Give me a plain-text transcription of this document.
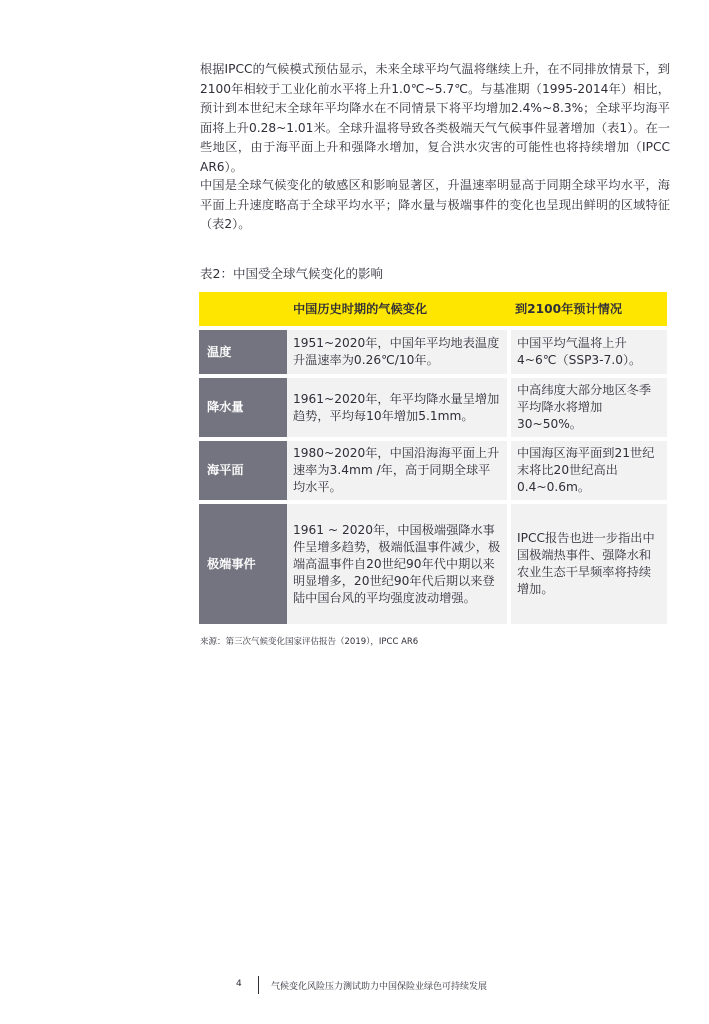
根据IPCC的气候模式预估显示，未来全球平均气温将继续上升，在不同排放情景下，到2100年相较于工业化前水平将上升1.0℃~5.7℃。与基准期（1995-2014年）相比，预计到本世纪末全球年平均降水在不同情景下将平均增加2.4%~8.3%；全球平均海平面将上升0.28~1.01米。全球升温将导致各类极端天气气候事件显著增加（表1）。在一些地区，由于海平面上升和强降水增加，复合洪水灾害的可能性也将持续增加（IPCC AR6）。

中国是全球气候变化的敏感区和影响显著区，升温速率明显高于同期全球平均水平，海平面上升速度略高于全球平均水平；降水量与极端事件的变化也呈现出鲜明的区域特征（表2）。

表2：中国受全球气候变化的影响
	中国历史时期的气候变化	到2100年预计情况
温度	1951~2020年，中国年平均地表温度升温速率为0.26℃/10年。	中国平均气温将上升4~6℃（SSP3-7.0）。
降水量	1961~2020年，年平均降水量呈增加趋势，平均每10年增加5.1mm。	中高纬度大部分地区冬季平均降水将增加30~50%。
海平面	1980~2020年，中国沿海海平面上升速率为3.4mm /年，高于同期全球平均水平。	中国海区海平面到21世纪末将比20世纪高出0.4~0.6m。
极端事件	1961 ~ 2020年，中国极端强降水事件呈增多趋势，极端低温事件减少，极端高温事件自20世纪90年代中期以来明显增多，20世纪90年代后期以来登陆中国台风的平均强度波动增强。	IPCC报告也进一步指出中国极端热事件、强降水和农业生态干旱频率将持续增加。
来源：第三次气候变化国家评估报告（2019），IPCC AR6
4	气候变化风险压力测试助力中国保险业绿色可持续发展
